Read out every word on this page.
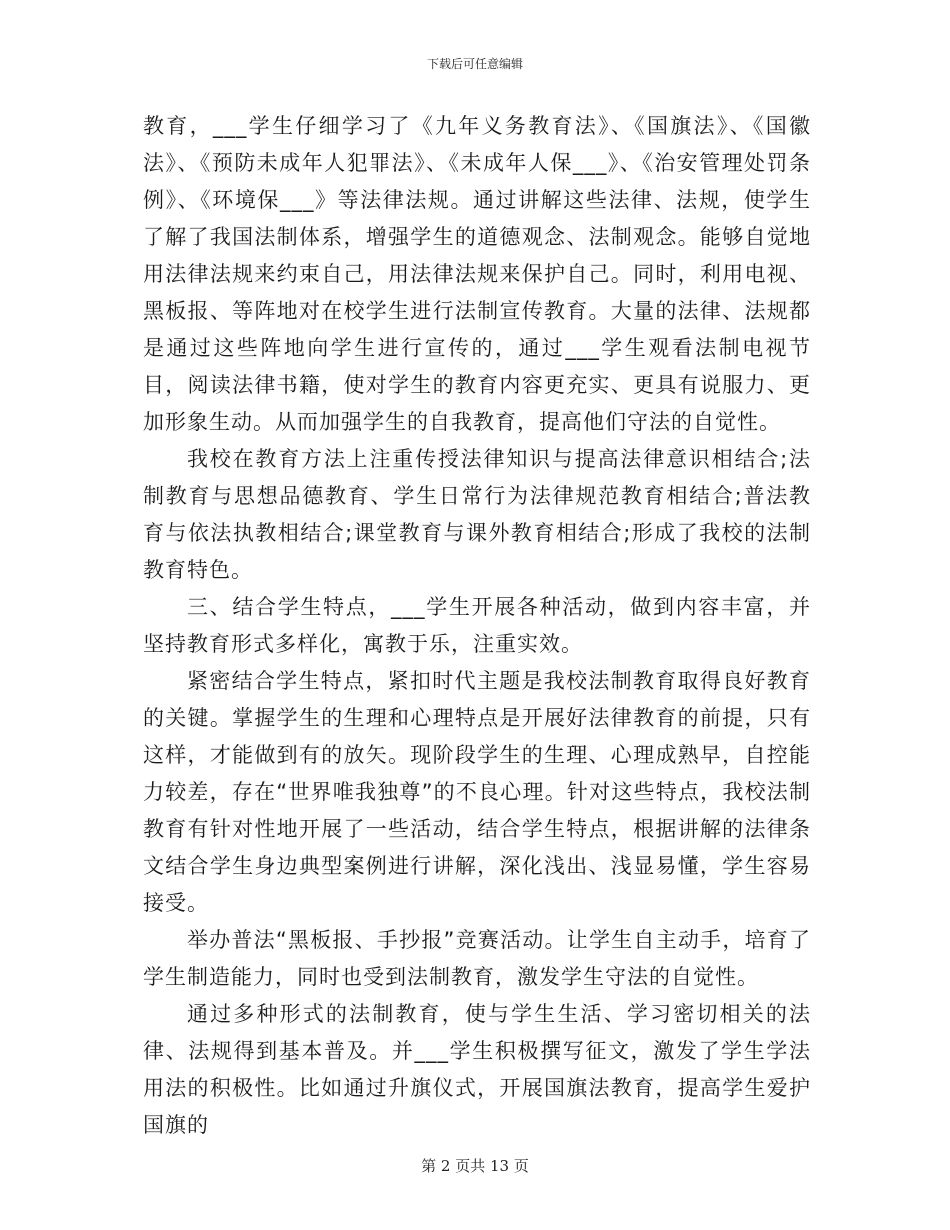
下载后可任意编辑

教育，___学生仔细学习了《九年义务教育法》、《国旗法》、《国徽法》、《预防未成年人犯罪法》、《未成年人保___》、《治安管理处罚条例》、《环境保___》等法律法规。通过讲解这些法律、法规，使学生了解了我国法制体系，增强学生的道德观念、法制观念。能够自觉地用法律法规来约束自己，用法律法规来保护自己。同时，利用电视、黑板报、等阵地对在校学生进行法制宣传教育。大量的法律、法规都是通过这些阵地向学生进行宣传的，通过___学生观看法制电视节目，阅读法律书籍，使对学生的教育内容更充实、更具有说服力、更加形象生动。从而加强学生的自我教育，提高他们守法的自觉性。

我校在教育方法上注重传授法律知识与提高法律意识相结合;法制教育与思想品德教育、学生日常行为法律规范教育相结合;普法教育与依法执教相结合;课堂教育与课外教育相结合;形成了我校的法制教育特色。

三、结合学生特点，___学生开展各种活动，做到内容丰富，并坚持教育形式多样化，寓教于乐，注重实效。

紧密结合学生特点，紧扣时代主题是我校法制教育取得良好教育的关键。掌握学生的生理和心理特点是开展好法律教育的前提，只有这样，才能做到有的放矢。现阶段学生的生理、心理成熟早，自控能力较差，存在“世界唯我独尊”的不良心理。针对这些特点，我校法制教育有针对性地开展了一些活动，结合学生特点，根据讲解的法律条文结合学生身边典型案例进行讲解，深化浅出、浅显易懂，学生容易接受。

举办普法“黑板报、手抄报”竞赛活动。让学生自主动手，培育了学生制造能力，同时也受到法制教育，激发学生守法的自觉性。

通过多种形式的法制教育，使与学生生活、学习密切相关的法律、法规得到基本普及。并___学生积极撰写征文，激发了学生学法用法的积极性。比如通过升旗仪式，开展国旗法教育，提高学生爱护国旗的

第 2 页共 13 页
